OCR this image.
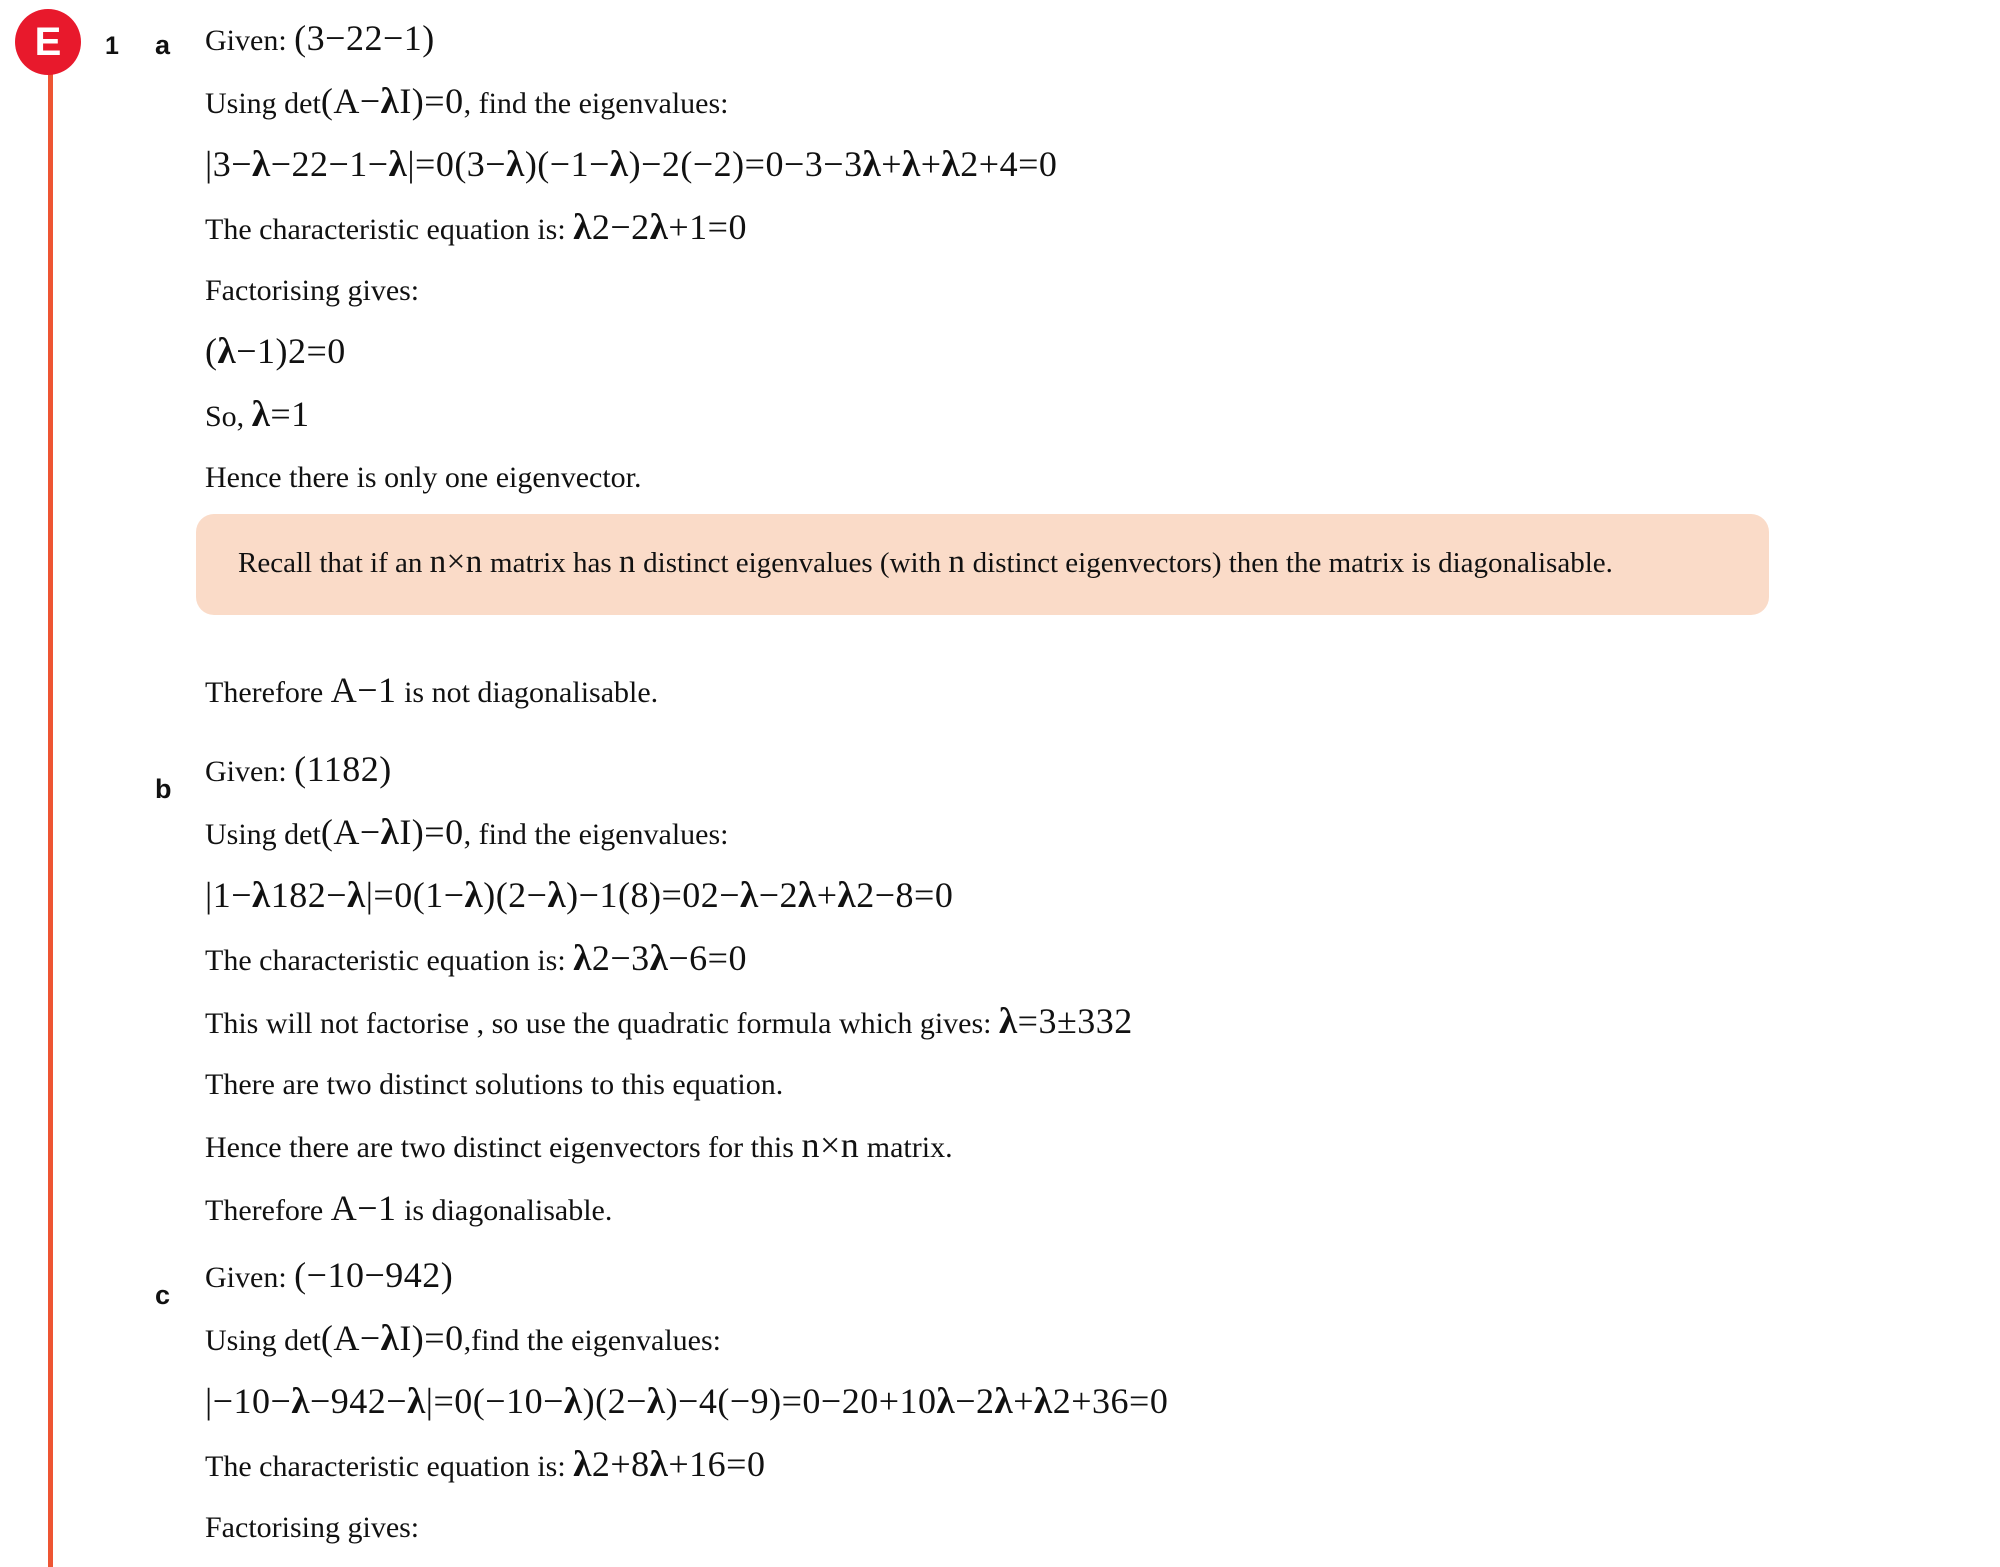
E	a
1	Given: (3−22−1)
Using det(A−λI)=0, find the eigenvalues:
|3−λ−22−1−λ|=0(3−λ)(−1−λ)−2(−2)=0−3−3λ+λ+λ2+4=0
The characteristic equation is: λ2−2λ+1=0
Factorising gives:
(λ−1)2=0
So, λ=1
Hence there is only one eigenvector.
Recall that if an n×n matrix has n distinct eigenvalues (with n distinct eigenvectors) then the matrix is diagonalisable.
Therefore A−1 is not diagonalisable.
b
Given: (1182)
Using det(A−λI)=0, find the eigenvalues:
|1−λ182−λ|=0(1−λ)(2−λ)−1(8)=02−λ−2λ+λ2−8=0
The characteristic equation is: λ2−3λ−6=0
This will not factorise , so use the quadratic formula which gives: λ=3±332
There are two distinct solutions to this equation.
Hence there are two distinct eigenvectors for this n×n matrix.
Therefore A−1 is diagonalisable.
c
Given: (−10−942)
Using det(A−λI)=0,find the eigenvalues:
|−10−λ−942−λ|=0(−10−λ)(2−λ)−4(−9)=0−20+10λ−2λ+λ2+36=0
The characteristic equation is: λ2+8λ+16=0
Factorising gives:
